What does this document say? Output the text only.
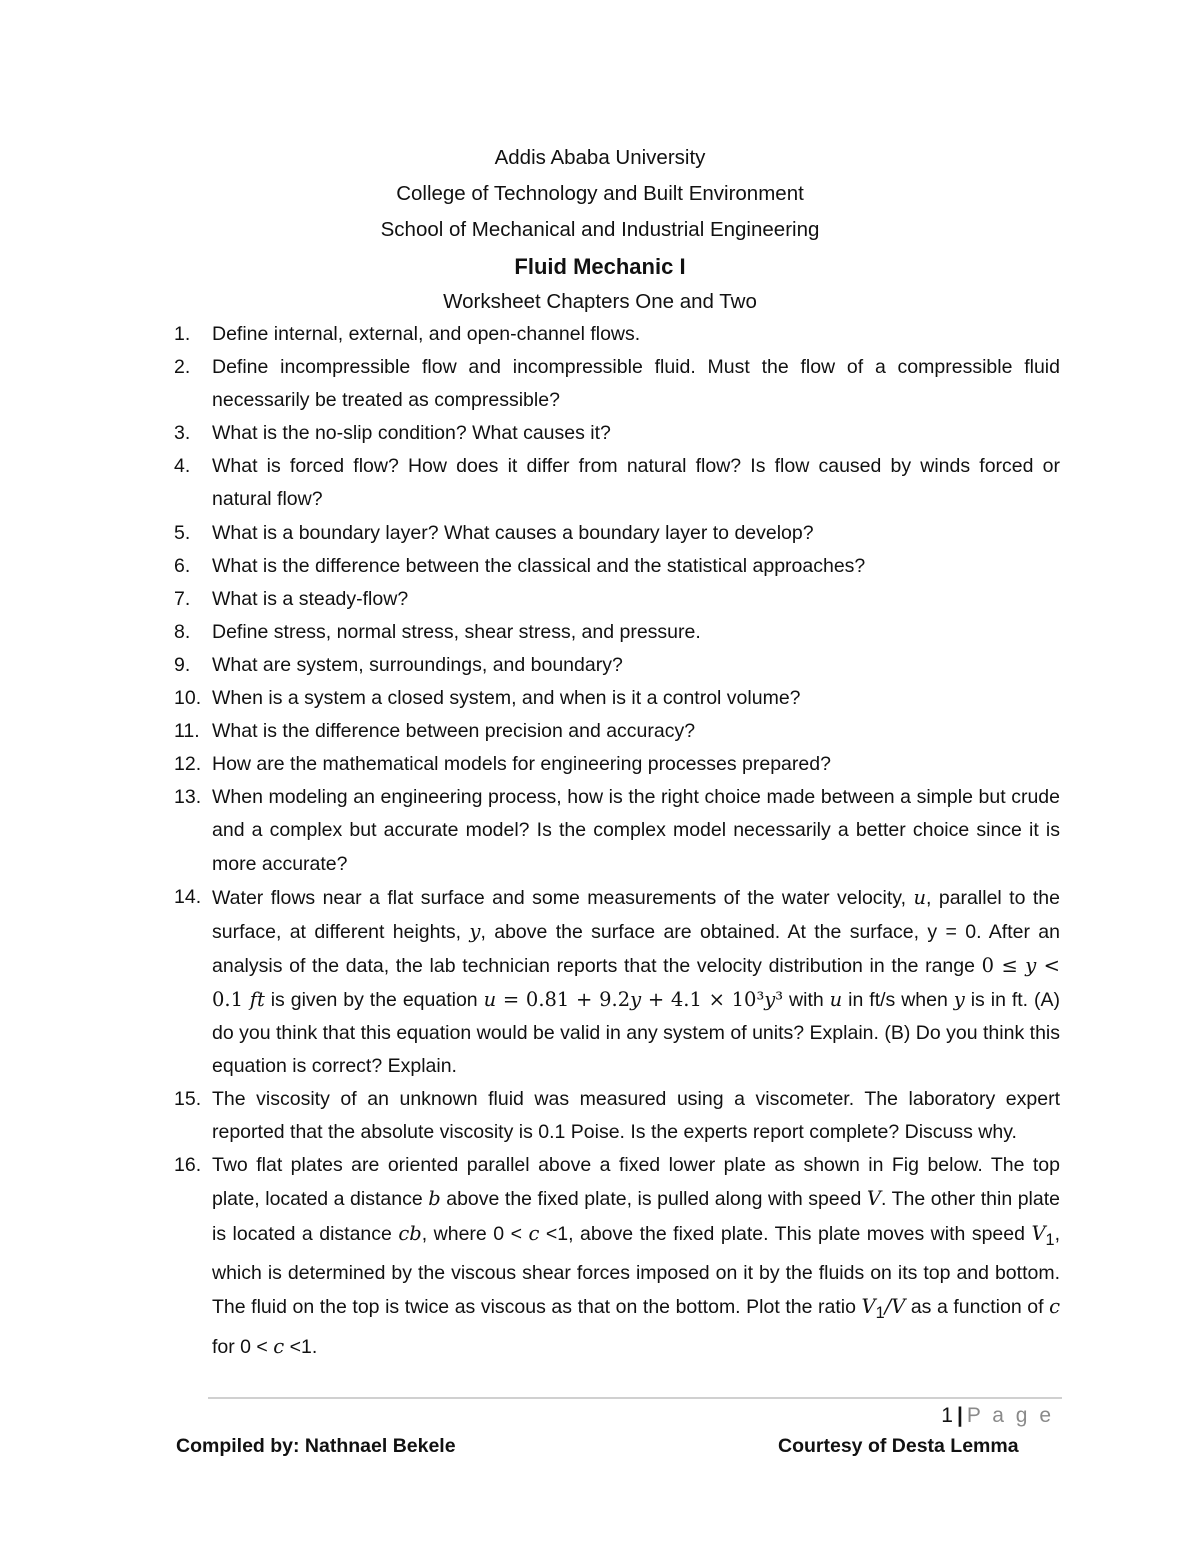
Addis Ababa University
College of Technology and Built Environment
School of Mechanical and Industrial Engineering
Fluid Mechanic I
Worksheet Chapters One and Two
1. Define internal, external, and open-channel flows.
2. Define incompressible flow and incompressible fluid. Must the flow of a compressible fluid necessarily be treated as compressible?
3. What is the no-slip condition? What causes it?
4. What is forced flow? How does it differ from natural flow? Is flow caused by winds forced or natural flow?
5. What is a boundary layer? What causes a boundary layer to develop?
6. What is the difference between the classical and the statistical approaches?
7. What is a steady-flow?
8. Define stress, normal stress, shear stress, and pressure.
9. What are system, surroundings, and boundary?
10. When is a system a closed system, and when is it a control volume?
11. What is the difference between precision and accuracy?
12. How are the mathematical models for engineering processes prepared?
13. When modeling an engineering process, how is the right choice made between a simple but crude and a complex but accurate model? Is the complex model necessarily a better choice since it is more accurate?
14. Water flows near a flat surface and some measurements of the water velocity, u, parallel to the surface, at different heights, y, above the surface are obtained. At the surface, y = 0. After an analysis of the data, the lab technician reports that the velocity distribution in the range 0 ≤ 𝑦 < 0.1 𝑓𝑡 is given by the equation 𝑢 = 0.81 + 9.2𝑦 + 4.1 × 10³𝑦³ with u in ft/s when y is in ft. (A) do you think that this equation would be valid in any system of units? Explain. (B) Do you think this equation is correct? Explain.
15. The viscosity of an unknown fluid was measured using a viscometer. The laboratory expert reported that the absolute viscosity is 0.1 Poise. Is the experts report complete? Discuss why.
16. Two flat plates are oriented parallel above a fixed lower plate as shown in Fig below. The top plate, located a distance b above the fixed plate, is pulled along with speed V. The other thin plate is located a distance cb, where 0 < c <1, above the fixed plate. This plate moves with speed $V_1$, which is determined by the viscous shear forces imposed on it by the fluids on its top and bottom. The fluid on the top is twice as viscous as that on the bottom. Plot the ratio $V_1/V$ as a function of c for 0 < c <1.
1 | P a g e
Compiled by: Nathnael Bekele	Courtesy of Desta Lemma
